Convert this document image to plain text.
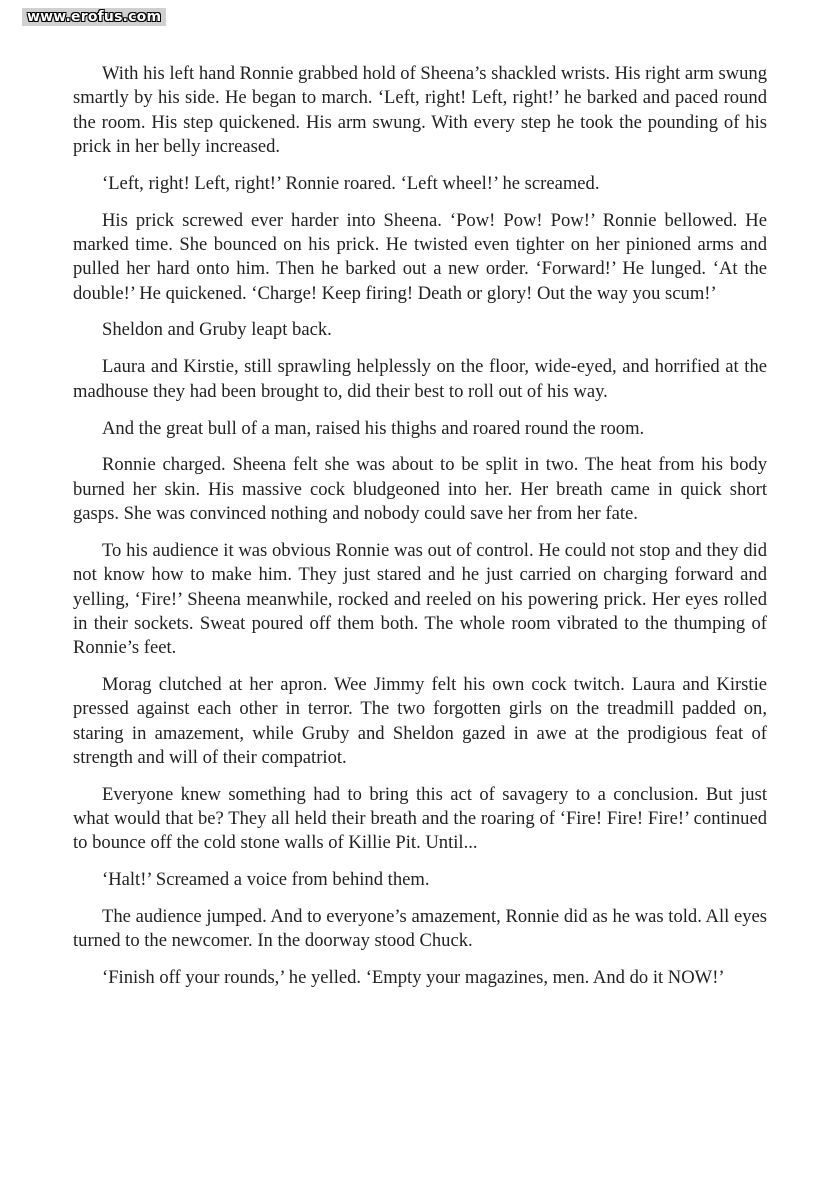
www.erofus.com

With his left hand Ronnie grabbed hold of Sheena’s shackled wrists. His right arm swung smartly by his side. He began to march. ‘Left, right! Left, right!’ he barked and paced round the room. His step quickened. His arm swung. With every step he took the pounding of his prick in her belly increased.

‘Left, right! Left, right!’ Ronnie roared. ‘Left wheel!’ he screamed.

His prick screwed ever harder into Sheena. ‘Pow! Pow! Pow!’ Ronnie bellowed. He marked time. She bounced on his prick. He twisted even tighter on her pinioned arms and pulled her hard onto him. Then he barked out a new order. ‘Forward!’ He lunged. ‘At the double!’ He quickened. ‘Charge! Keep firing! Death or glory! Out the way you scum!’

Sheldon and Gruby leapt back.

Laura and Kirstie, still sprawling helplessly on the floor, wide-eyed, and horrified at the madhouse they had been brought to, did their best to roll out of his way.

And the great bull of a man, raised his thighs and roared round the room.

Ronnie charged. Sheena felt she was about to be split in two. The heat from his body burned her skin. His massive cock bludgeoned into her. Her breath came in quick short gasps. She was convinced nothing and nobody could save her from her fate.

To his audience it was obvious Ronnie was out of control. He could not stop and they did not know how to make him. They just stared and he just carried on charging forward and yelling, ‘Fire!’ Sheena meanwhile, rocked and reeled on his powering prick. Her eyes rolled in their sockets. Sweat poured off them both. The whole room vibrated to the thumping of Ronnie’s feet.

Morag clutched at her apron. Wee Jimmy felt his own cock twitch. Laura and Kirstie pressed against each other in terror. The two forgotten girls on the treadmill padded on, staring in amazement, while Gruby and Sheldon gazed in awe at the prodigious feat of strength and will of their compatriot.

Everyone knew something had to bring this act of savagery to a conclusion. But just what would that be? They all held their breath and the roaring of ‘Fire! Fire! Fire!’ continued to bounce off the cold stone walls of Killie Pit. Until...

‘Halt!’ Screamed a voice from behind them.

The audience jumped. And to everyone’s amazement, Ronnie did as he was told. All eyes turned to the newcomer. In the doorway stood Chuck.

‘Finish off your rounds,’ he yelled. ‘Empty your magazines, men. And do it NOW!’
